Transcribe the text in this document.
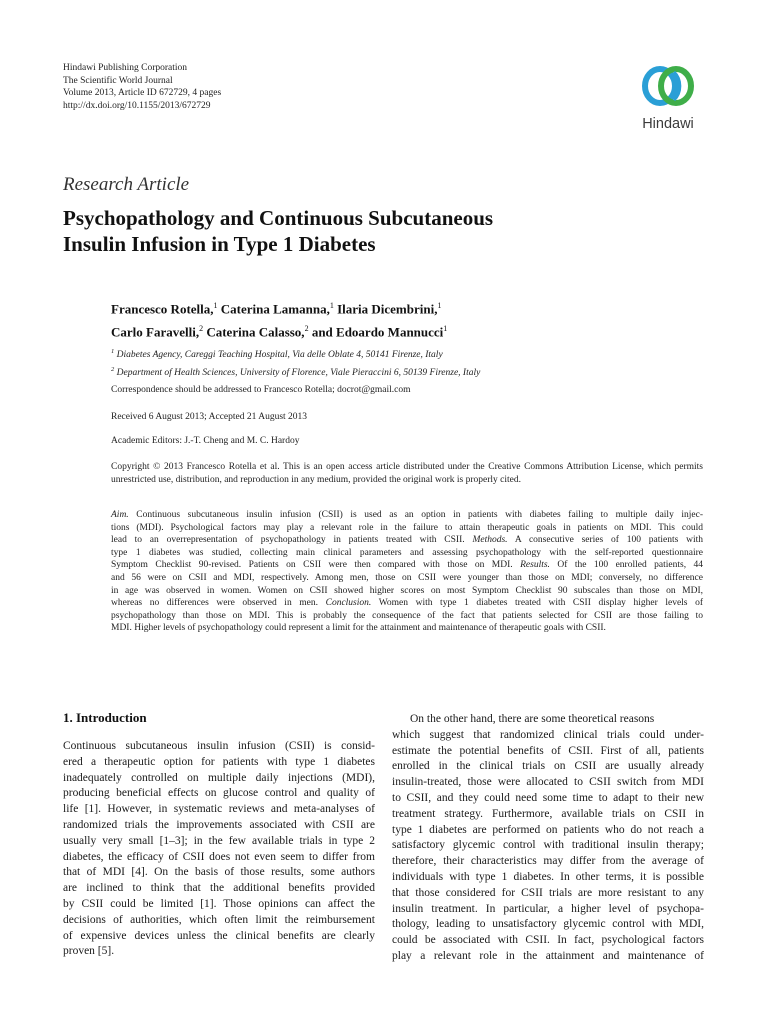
Hindawi Publishing Corporation
The Scientific World Journal
Volume 2013, Article ID 672729, 4 pages
http://dx.doi.org/10.1155/2013/672729
Hindawi
Research Article
Psychopathology and Continuous Subcutaneous
Insulin Infusion in Type 1 Diabetes
Francesco Rotella,$^1$ Caterina Lamanna,$^1$ Ilaria Dicembrini,$^1$
Carlo Faravelli,$^2$ Caterina Calasso,$^2$ and Edoardo Mannucci$^1$
$^1$ Diabetes Agency, Careggi Teaching Hospital, Via delle Oblate 4, 50141 Firenze, Italy
$^2$ Department of Health Sciences, University of Florence, Viale Pieraccini 6, 50139 Firenze, Italy
Correspondence should be addressed to Francesco Rotella; docrot@gmail.com
Received 6 August 2013; Accepted 21 August 2013
Academic Editors: J.-T. Cheng and M. C. Hardoy
Copyright © 2013 Francesco Rotella et al. This is an open access article distributed under the Creative Commons Attribution License, which permits unrestricted use, distribution, and reproduction in any medium, provided the original work is properly cited.
Aim. Continuous subcutaneous insulin infusion (CSII) is used as an option in patients with diabetes failing to multiple daily injec-
tions (MDI). Psychological factors may play a relevant role in the failure to attain therapeutic goals in patients on MDI. This could
lead to an overrepresentation of psychopathology in patients treated with CSII. Methods. A consecutive series of 100 patients with
type 1 diabetes was studied, collecting main clinical parameters and assessing psychopathology with the self-reported questionnaire
Symptom Checklist 90-revised. Patients on CSII were then compared with those on MDI. Results. Of the 100 enrolled patients, 44
and 56 were on CSII and MDI, respectively. Among men, those on CSII were younger than those on MDI; conversely, no difference
in age was observed in women. Women on CSII showed higher scores on most Symptom Checklist 90 subscales than those on MDI,
whereas no differences were observed in men. Conclusion. Women with type 1 diabetes treated with CSII display higher levels of
psychopathology than those on MDI. This is probably the consequence of the fact that patients selected for CSII are those failing to
MDI. Higher levels of psychopathology could represent a limit for the attainment and maintenance of therapeutic goals with CSII.
1. Introduction
Continuous subcutaneous insulin infusion (CSII) is consid-
ered a therapeutic option for patients with type 1 diabetes
inadequately controlled on multiple daily injections (MDI),
producing beneficial effects on glucose control and quality of
life [1]. However, in systematic reviews and meta-analyses of
randomized trials the improvements associated with CSII are
usually very small [1–3]; in the few available trials in type 2
diabetes, the efficacy of CSII does not even seem to differ from
that of MDI [4]. On the basis of those results, some authors
are inclined to think that the additional benefits provided
by CSII could be limited [1]. Those opinions can affect the
decisions of authorities, which often limit the reimbursement
of expensive devices unless the clinical benefits are clearly
proven [5].
On the other hand, there are some theoretical reasons
which suggest that randomized clinical trials could under-
estimate the potential benefits of CSII. First of all, patients
enrolled in the clinical trials on CSII are usually already
insulin-treated, those were allocated to CSII switch from MDI
to CSII, and they could need some time to adapt to their new
treatment strategy. Furthermore, available trials on CSII in
type 1 diabetes are performed on patients who do not reach a
satisfactory glycemic control with traditional insulin therapy;
therefore, their characteristics may differ from the average of
individuals with type 1 diabetes. In other terms, it is possible
that those considered for CSII trials are more resistant to any
insulin treatment. In particular, a higher level of psychopa-
thology, leading to unsatisfactory glycemic control with MDI,
could be associated with CSII. In fact, psychological factors
play a relevant role in the attainment and maintenance of
